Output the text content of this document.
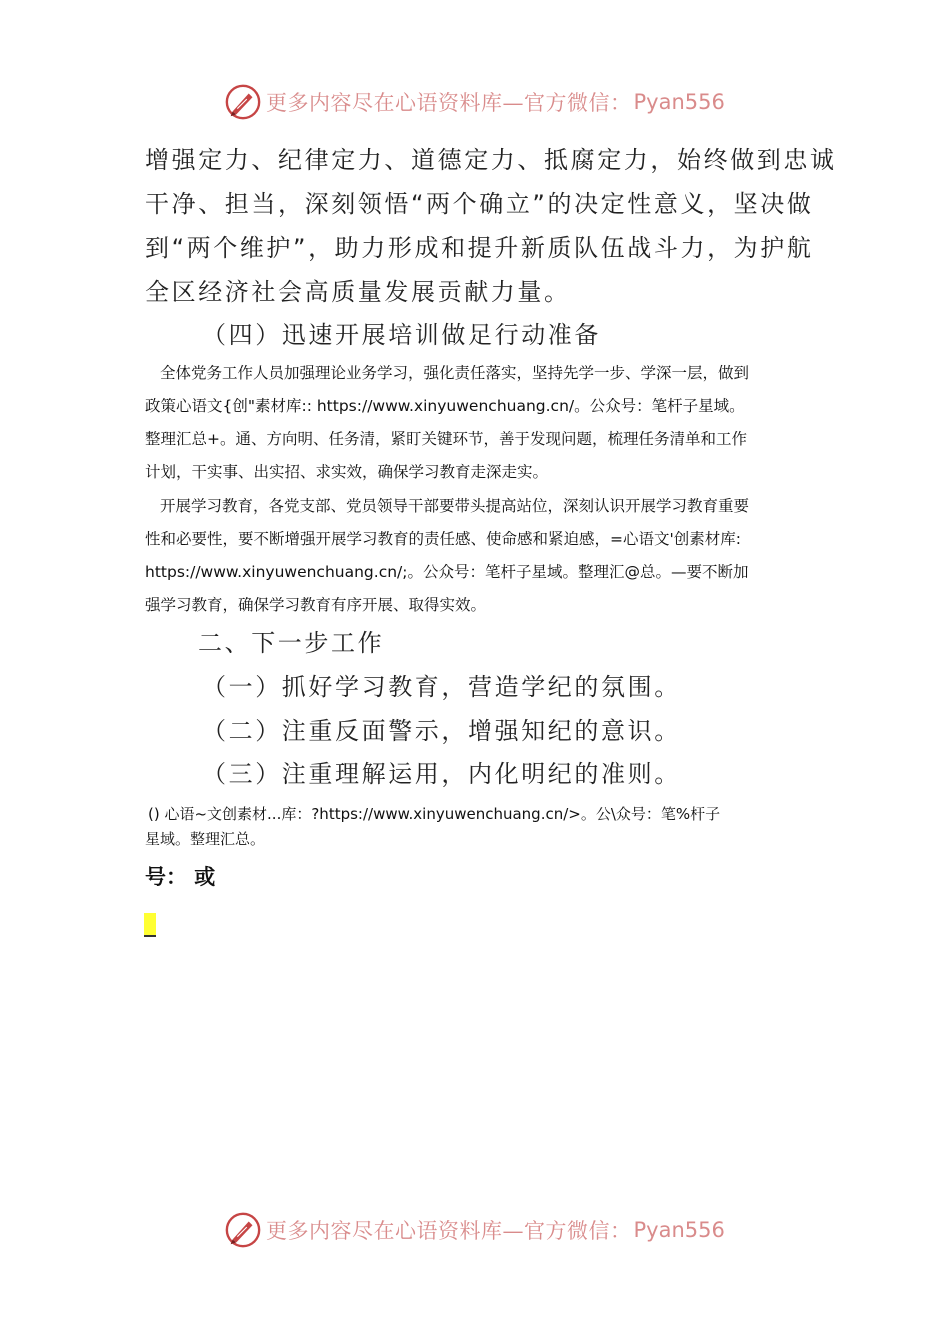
更多内容尽在心语资料库—官方微信： Pyan556
增强定力、纪律定力、道德定力、抵腐定力，始终做到忠诚
干净、担当，深刻领悟“两个确立”的决定性意义，坚决做
到“两个维护”，助力形成和提升新质队伍战斗力，为护航
全区经济社会高质量发展贡献力量。
（四）迅速开展培训做足行动准备
全体党务工作人员加强理论业务学习，强化责任落实，坚持先学一步、学深一层，做到
政策心语文{创"素材库:: https://www.xinyuwenchuang.cn/。公众号：笔杆子星域。
整理汇总+。通、方向明、任务清，紧盯关键环节，善于发现问题，梳理任务清单和工作
计划，干实事、出实招、求实效，确保学习教育走深走实。
开展学习教育，各党支部、党员领导干部要带头提高站位，深刻认识开展学习教育重要
性和必要性，要不断增强开展学习教育的责任感、使命感和紧迫感，=心语文'创素材库:
https://www.xinyuwenchuang.cn/;。公众号：笔杆子星域。整理汇@总。—要不断加
强学习教育，确保学习教育有序开展、取得实效。
二、下一步工作
（一）抓好学习教育，营造学纪的氛围。
（二）注重反面警示，增强知纪的意识。
（三）注重理解运用，内化明纪的准则。
() 心语~文创素材...库：?https://www.xinyuwenchuang.cn/>。公\众号：笔%杆子
星域。整理汇总。
号： 或
更多内容尽在心语资料库—官方微信： Pyan556
